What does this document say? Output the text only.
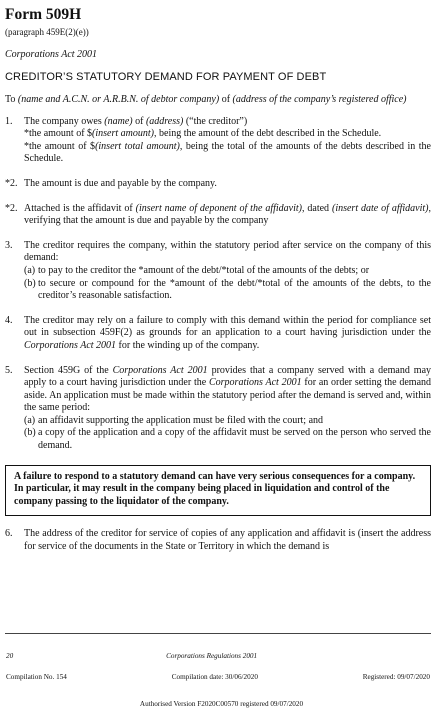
Form 509H
(paragraph 459E(2)(e))
Corporations Act 2001
CREDITOR’S STATUTORY DEMAND FOR PAYMENT OF DEBT
To (name and A.C.N. or A.R.B.N. of debtor company) of (address of the company’s registered office)
1.	The company owes (name) of (address) (“the creditor”)
*the amount of $(insert amount), being the amount of the debt described in the Schedule.
*the amount of $(insert total amount), being the total of the amounts of the debts described in the Schedule.
*2. The amount is due and payable by the company.
*2. Attached is the affidavit of (insert name of deponent of the affidavit), dated (insert date of affidavit), verifying that the amount is due and payable by the company
3.	The creditor requires the company, within the statutory period after service on the company of this demand:
(a) to pay to the creditor the *amount of the debt/*total of the amounts of the debts; or
(b) to secure or compound for the *amount of the debt/*total of the amounts of the debts, to the creditor’s reasonable satisfaction.
4.	The creditor may rely on a failure to comply with this demand within the period for compliance set out in subsection 459F(2) as grounds for an application to a court having jurisdiction under the Corporations Act 2001 for the winding up of the company.
5.	Section 459G of the Corporations Act 2001 provides that a company served with a demand may apply to a court having jurisdiction under the Corporations Act 2001 for an order setting the demand aside. An application must be made within the statutory period after the demand is served and, within the same period:
(a) an affidavit supporting the application must be filed with the court; and
(b) a copy of the application and a copy of the affidavit must be served on the person who served the demand.
A failure to respond to a statutory demand can have very serious consequences for a company. In particular, it may result in the company being placed in liquidation and control of the company passing to the liquidator of the company.
6.	The address of the creditor for service of copies of any application and affidavit is (insert the address for service of the documents in the State or Territory in which the demand is
20	Corporations Regulations 2001
Compilation No. 154	Compilation date: 30/06/2020	Registered: 09/07/2020
Authorised Version F2020C00570 registered 09/07/2020
